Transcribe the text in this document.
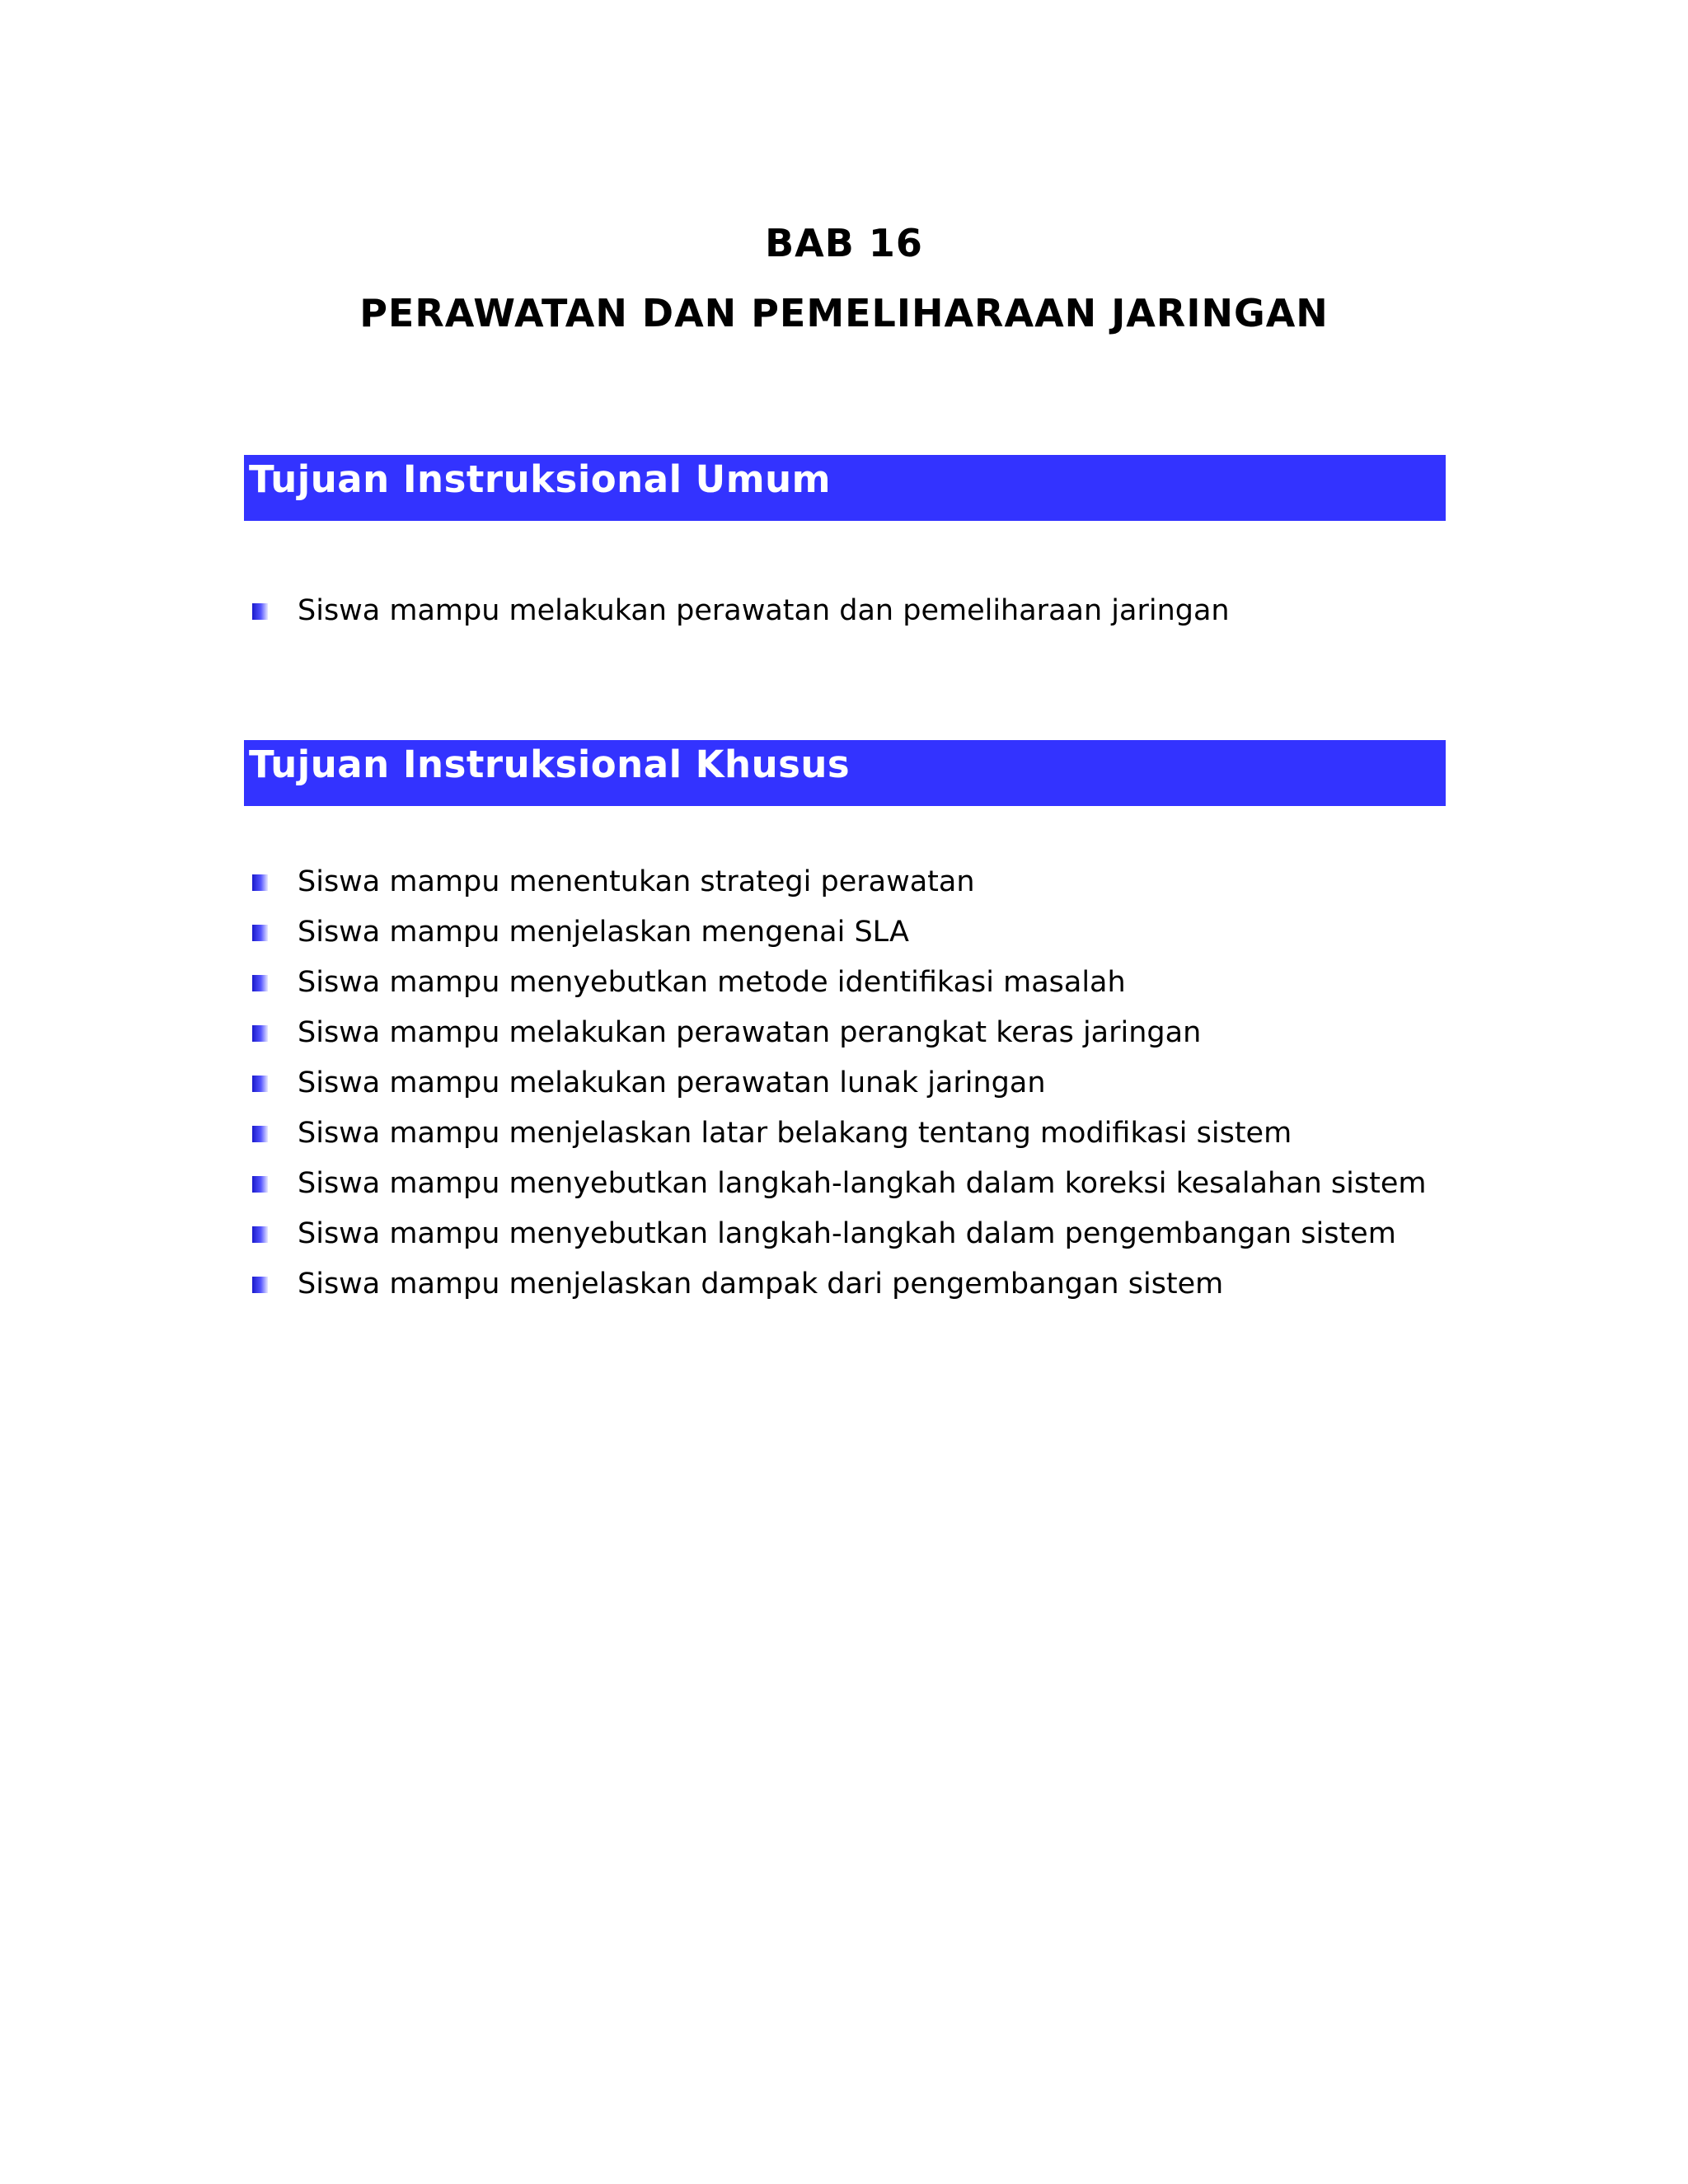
BAB 16
PERAWATAN DAN PEMELIHARAAN JARINGAN
Tujuan Instruksional Umum
Siswa mampu melakukan perawatan dan pemeliharaan jaringan
Tujuan Instruksional Khusus
Siswa mampu menentukan strategi perawatan
Siswa mampu menjelaskan mengenai SLA
Siswa mampu menyebutkan metode identifikasi masalah
Siswa mampu melakukan perawatan perangkat keras jaringan
Siswa mampu melakukan perawatan lunak jaringan
Siswa mampu menjelaskan latar belakang tentang modifikasi sistem
Siswa mampu menyebutkan langkah-langkah dalam koreksi kesalahan sistem
Siswa mampu menyebutkan langkah-langkah dalam pengembangan sistem
Siswa mampu menjelaskan dampak dari pengembangan sistem
